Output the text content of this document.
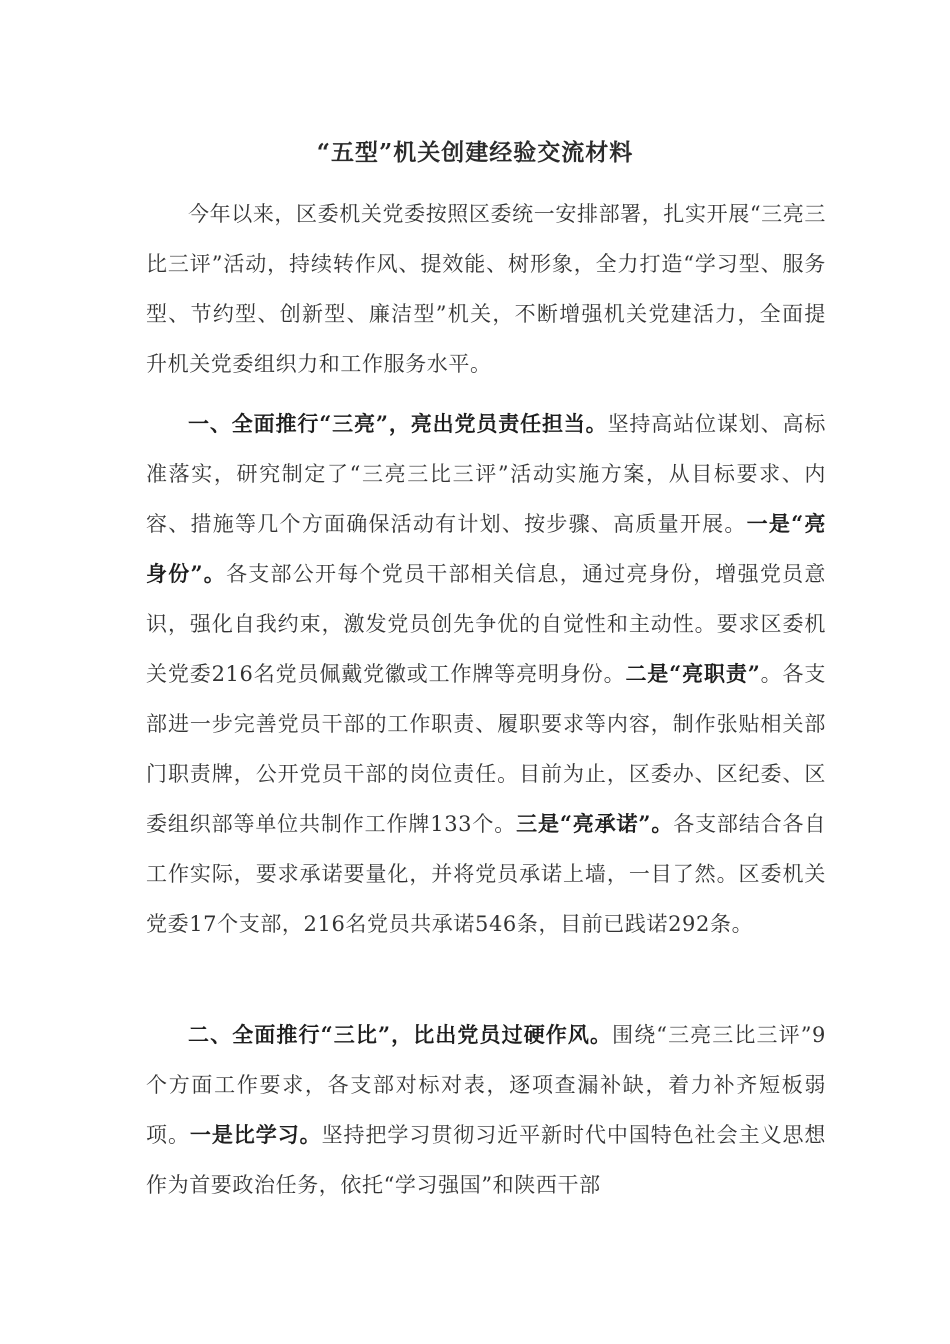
“五型”机关创建经验交流材料

今年以来，区委机关党委按照区委统一安排部署，扎实开展“三亮三比三评”活动，持续转作风、提效能、树形象，全力打造“学习型、服务型、节约型、创新型、廉洁型”机关，不断增强机关党建活力，全面提升机关党委组织力和工作服务水平。

一、全面推行“三亮”，亮出党员责任担当。坚持高站位谋划、高标准落实，研究制定了“三亮三比三评”活动实施方案，从目标要求、内容、措施等几个方面确保活动有计划、按步骤、高质量开展。一是“亮身份”。各支部公开每个党员干部相关信息，通过亮身份，增强党员意识，强化自我约束，激发党员创先争优的自觉性和主动性。要求区委机关党委216名党员佩戴党徽或工作牌等亮明身份。二是“亮职责”。各支部进一步完善党员干部的工作职责、履职要求等内容，制作张贴相关部门职责牌，公开党员干部的岗位责任。目前为止，区委办、区纪委、区委组织部等单位共制作工作牌133个。三是“亮承诺”。各支部结合各自工作实际，要求承诺要量化，并将党员承诺上墙，一目了然。区委机关党委17个支部，216名党员共承诺546条，目前已践诺292条。

二、全面推行“三比”，比出党员过硬作风。围绕“三亮三比三评”9个方面工作要求，各支部对标对表，逐项查漏补缺，着力补齐短板弱项。一是比学习。坚持把学习贯彻习近平新时代中国特色社会主义思想作为首要政治任务，依托“学习强国”和陕西干部
